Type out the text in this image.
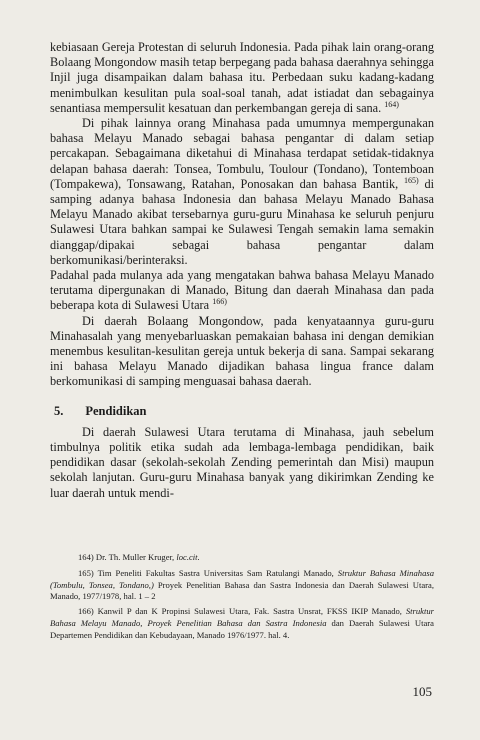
kebiasaan Gereja Protestan di seluruh Indonesia. Pada pihak lain orang-orang Bolaang Mongondow masih tetap berpegang pada bahasa daerahnya sehingga Injil juga disampaikan dalam bahasa itu. Perbedaan suku kadang-kadang menimbulkan kesulitan pula soal-soal tanah, adat istiadat dan sebagainya senantiasa mempersulit kesatuan dan perkembangan gereja di sana. $^{164)}$

Di pihak lainnya orang Minahasa pada umumnya mempergunakan bahasa Melayu Manado sebagai bahasa pengantar di dalam setiap percakapan. Sebagaimana diketahui di Minahasa terdapat setidak-tidaknya delapan bahasa daerah: Tonsea, Tombulu, Toulour (Tondano), Tontemboan (Tompakewa), Tonsawang, Ratahan, Ponosakan dan bahasa Bantik, $^{165)}$ di samping adanya bahasa Indonesia dan bahasa Melayu Manado Bahasa Melayu Manado akibat tersebarnya guru-guru Minahasa ke seluruh penjuru Sulawesi Utara bahkan sampai ke Sulawesi Tengah semakin lama semakin dianggap/dipakai sebagai bahasa pengantar dalam berkomunikasi/berinteraksi.

Padahal pada mulanya ada yang mengatakan bahwa bahasa Melayu Manado terutama dipergunakan di Manado, Bitung dan daerah Minahasa dan pada beberapa kota di Sulawesi Utara $^{166)}$

Di daerah Bolaang Mongondow, pada kenyataannya guru-guru Minahasalah yang menyebarluaskan pemakaian bahasa ini dengan demikian menembus kesulitan-kesulitan gereja untuk bekerja di sana. Sampai sekarang ini bahasa Melayu Manado dijadikan bahasa lingua france dalam berkomunikasi di samping menguasai bahasa daerah.

5. Pendidikan

Di daerah Sulawesi Utara terutama di Minahasa, jauh sebelum timbulnya politik etika sudah ada lembaga-lembaga pendidikan, baik pendidikan dasar (sekolah-sekolah Zending pemerintah dan Misi) maupun sekolah lanjutan. Guru-guru Minahasa banyak yang dikirimkan Zending ke luar daerah untuk mendi-

164) Dr. Th. Muller Kruger, loc.cit.

165) Tim Peneliti Fakultas Sastra Universitas Sam Ratulangi Manado, Struktur Bahasa Minahasa (Tombulu, Tonsea, Tondano,) Proyek Penelitian Bahasa dan Sastra Indonesia dan Daerah Sulawesi Utara, Manado, 1977/1978, hal. 1 – 2

166) Kanwil P dan K Propinsi Sulawesi Utara, Fak. Sastra Unsrat, FKSS IKIP Manado, Struktur Bahasa Melayu Manado, Proyek Penelitian Bahasa dan Sastra Indonesia dan Daerah Sulawesi Utara Departemen Pendidikan dan Kebudayaan, Manado 1976/1977. hal. 4.

105
